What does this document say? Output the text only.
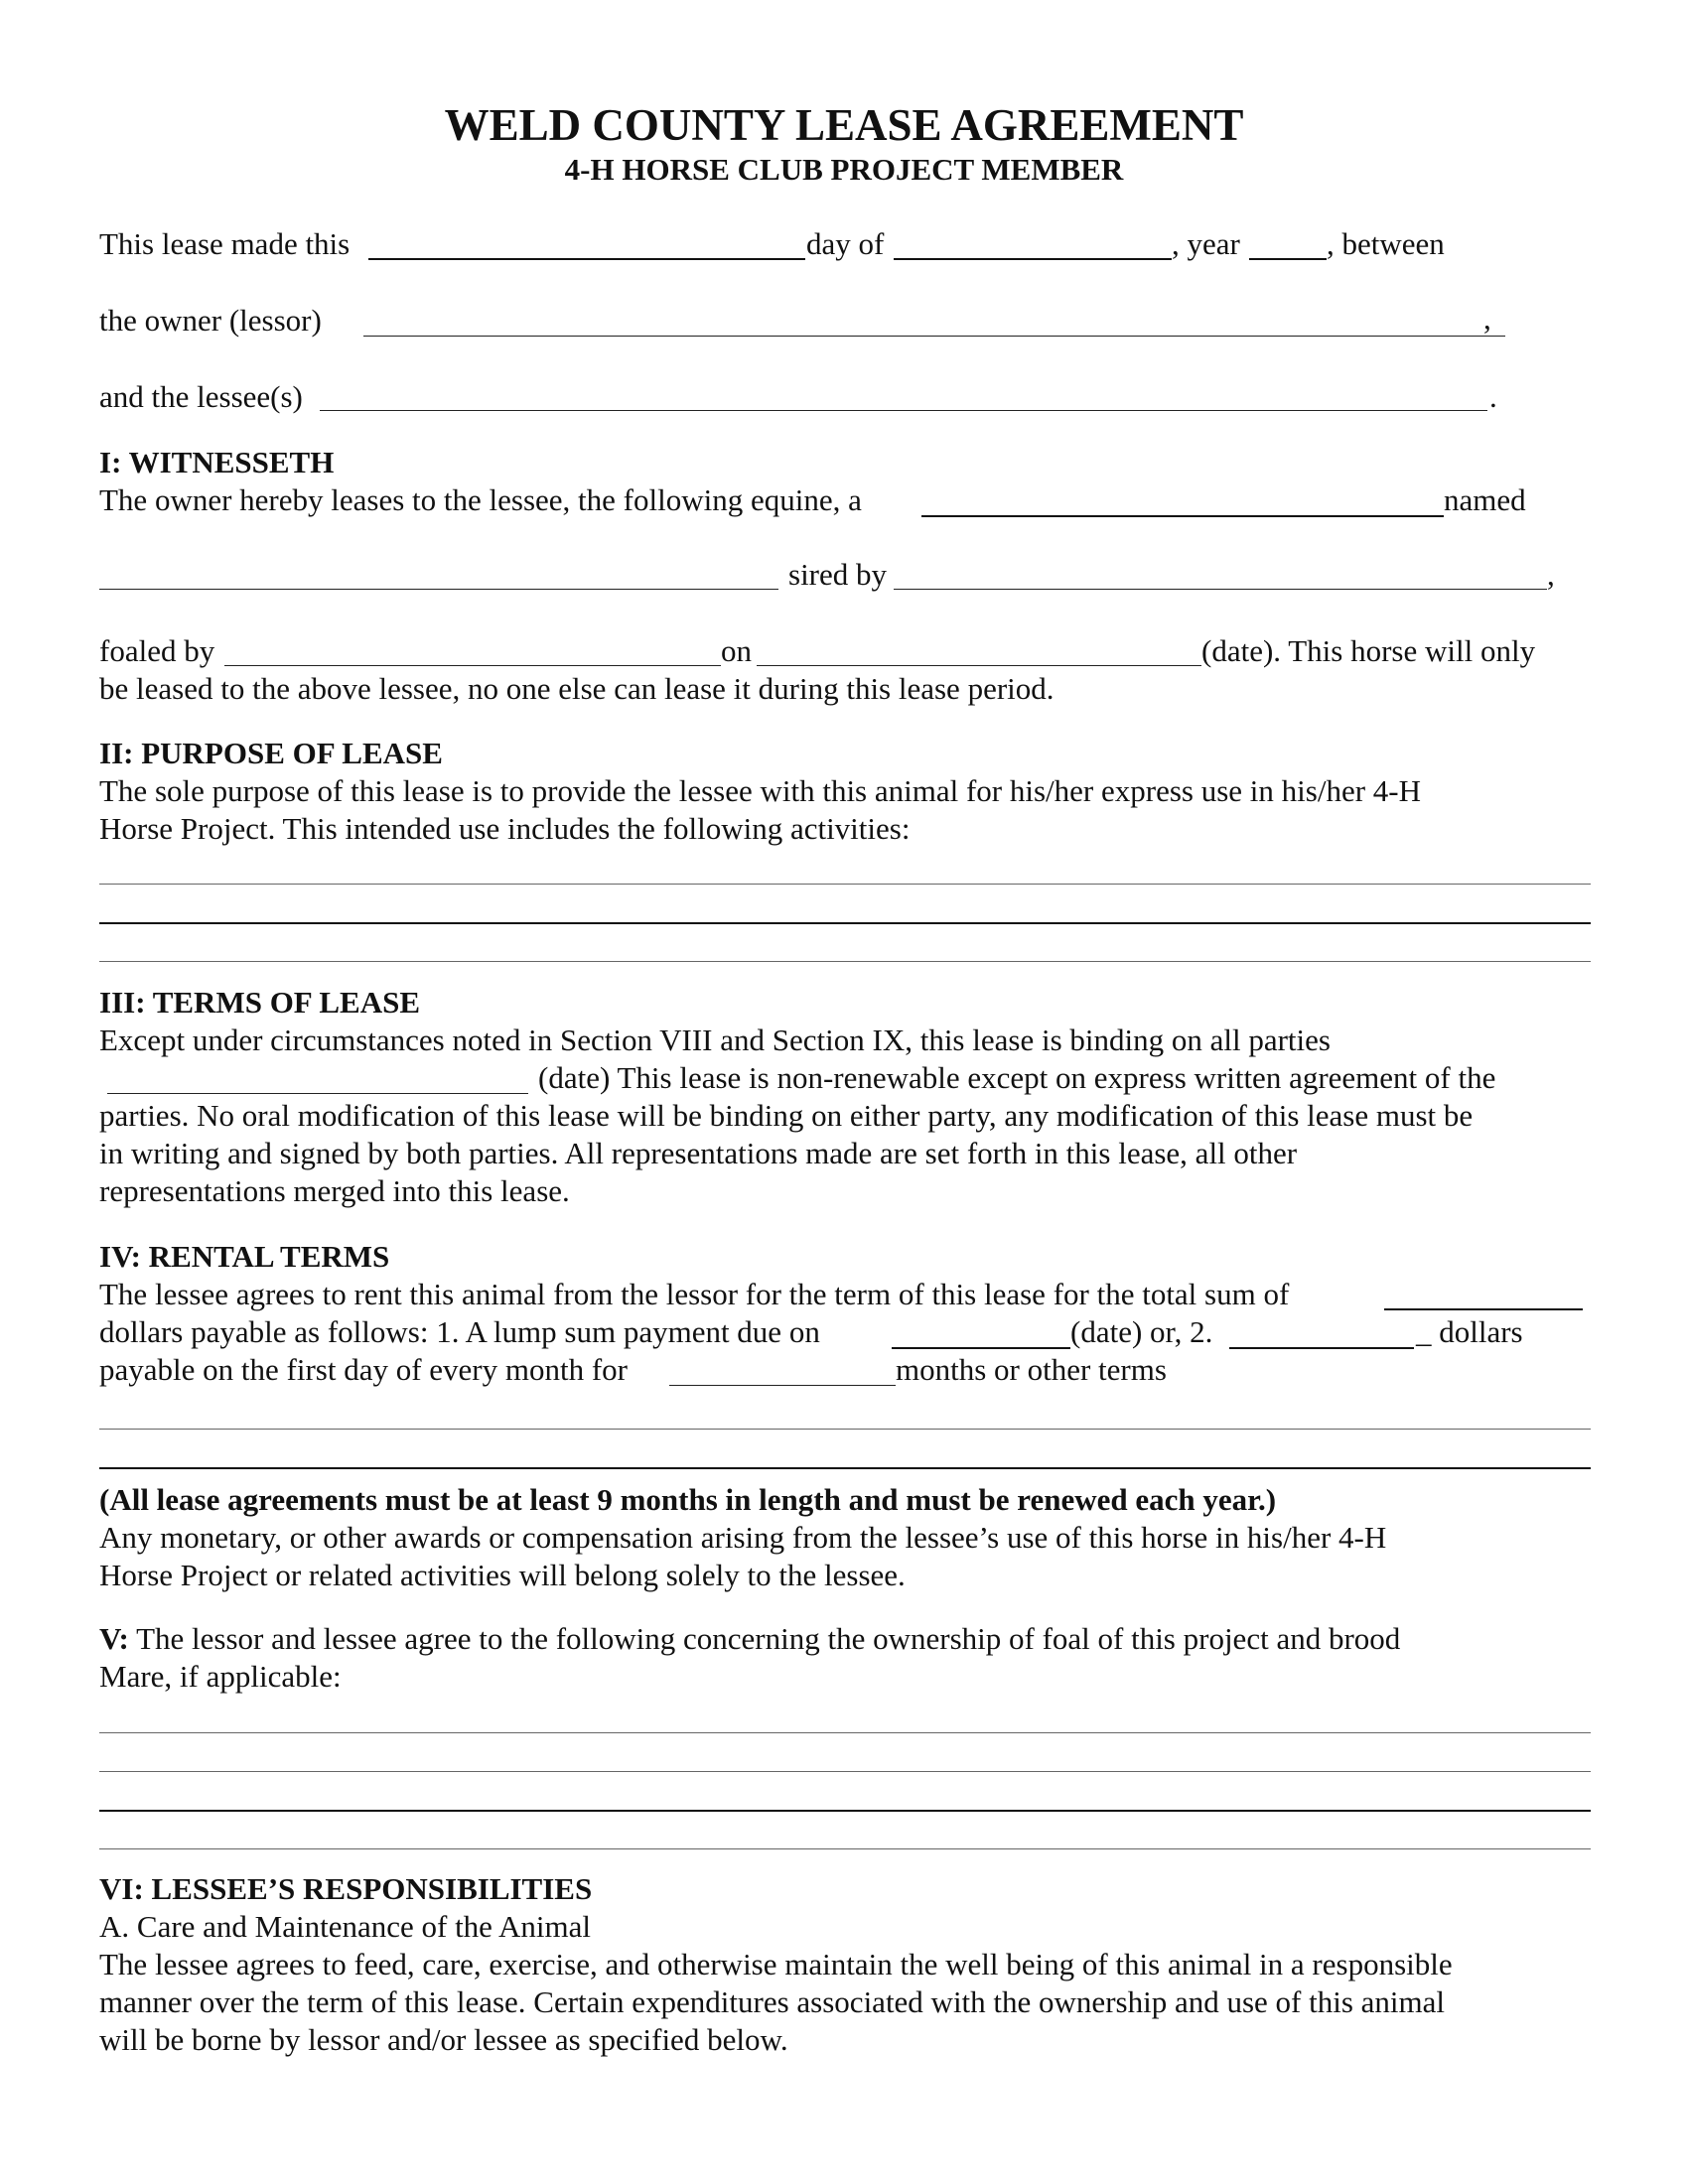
WELD COUNTY LEASE AGREEMENT
4-H HORSE CLUB PROJECT MEMBER
This lease made this	day of	, year	, between
the owner (lessor)	,
and the lessee(s)	.
I: WITNESSETH
The owner hereby leases to the lessee, the following equine, a	named
sired by	,
foaled by	on	(date). This horse will only
be leased to the above lessee, no one else can lease it during this lease period.
II: PURPOSE OF LEASE
The sole purpose of this lease is to provide the lessee with this animal for his/her express use in his/her 4-H
Horse Project. This intended use includes the following activities:
III: TERMS OF LEASE
Except under circumstances noted in Section VIII and Section IX, this lease is binding on all parties
(date) This lease is non-renewable except on express written agreement of the
parties. No oral modification of this lease will be binding on either party, any modification of this lease must be
in writing and signed by both parties. All representations made are set forth in this lease, all other
representations merged into this lease.
IV: RENTAL TERMS
The lessee agrees to rent this animal from the lessor for the term of this lease for the total sum of
dollars payable as follows: 1. A lump sum payment due on	(date) or, 2.	_ dollars
payable on the first day of every month for	months or other terms
(All lease agreements must be at least 9 months in length and must be renewed each year.)
Any monetary, or other awards or compensation arising from the lessee’s use of this horse in his/her 4-H
Horse Project or related activities will belong solely to the lessee.
V: The lessor and lessee agree to the following concerning the ownership of foal of this project and brood
Mare, if applicable:
VI: LESSEE’S RESPONSIBILITIES
A. Care and Maintenance of the Animal
The lessee agrees to feed, care, exercise, and otherwise maintain the well being of this animal in a responsible
manner over the term of this lease. Certain expenditures associated with the ownership and use of this animal
will be borne by lessor and/or lessee as specified below.
